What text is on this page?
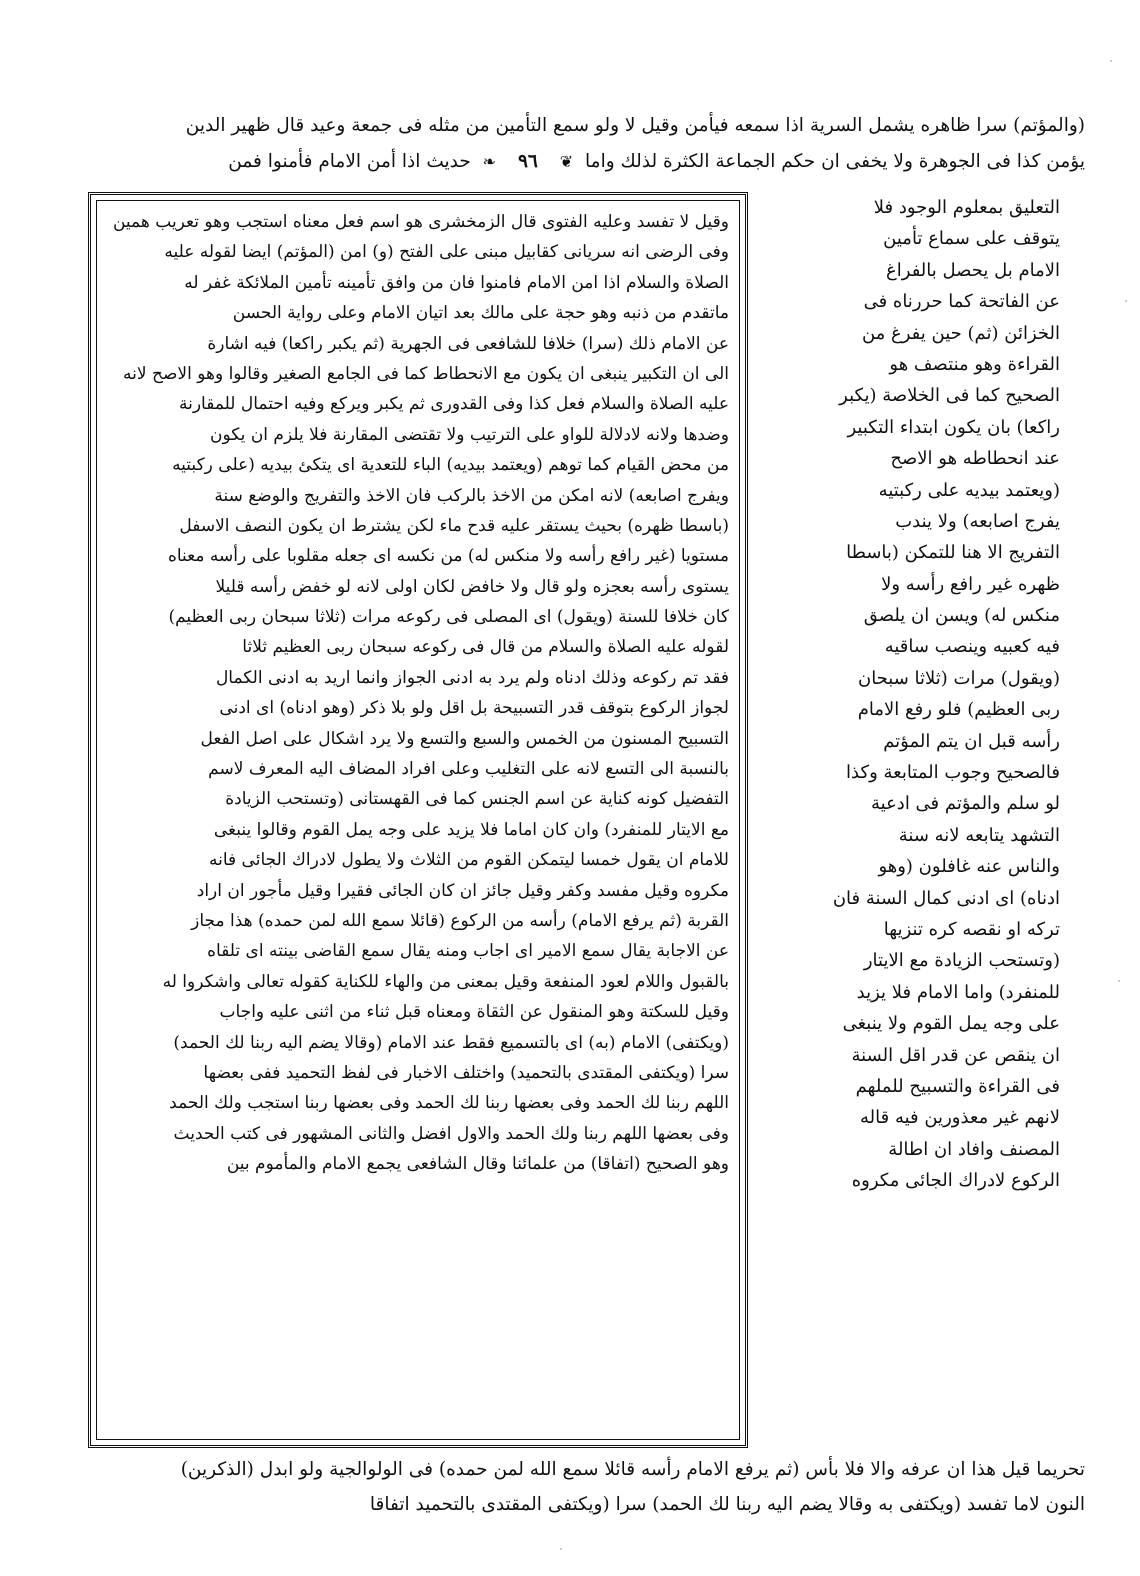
(والمؤتم) سرا ظاهره يشمل السرية اذا سمعه فيأمن وقيل لا ولو سمع التأمين من مثله فى جمعة وعيد قال ظهير الدين
يؤمن كذا فى الجوهرة ولا يخفى ان حكم الجماعة الكثرة لذلك واما ❦ ٩٦ ❧ حديث اذا أمن الامام فأمنوا فمن
وقيل لا تفسد وعليه الفتوى قال الزمخشرى هو اسم فعل معناه استجب وهو تعريب همين
وفى الرضى انه سريانى كقابيل مبنى على الفتح (و) امن (المؤتم) ايضا لقوله عليه
الصلاة والسلام اذا امن الامام فامنوا فان من وافق تأمينه تأمين الملائكة غفر له
ماتقدم من ذنبه وهو حجة على مالك بعد اتيان الامام وعلى رواية الحسن
عن الامام ذلك (سرا) خلافا للشافعى فى الجهرية (ثم يكبر راكعا) فيه اشارة
الى ان التكبير ينبغى ان يكون مع الانحطاط كما فى الجامع الصغير وقالوا وهو الاصح لانه
عليه الصلاة والسلام فعل كذا وفى القدورى ثم يكبر ويركع وفيه احتمال للمقارنة
وضدها ولانه لادلالة للواو على الترتيب ولا تقتضى المقارنة فلا يلزم ان يكون
من محض القيام كما توهم (ويعتمد بيديه) الباء للتعدية اى يتكئ بيديه (على ركبتيه
ويفرج اصابعه) لانه امكن من الاخذ بالركب فان الاخذ والتفريج والوضع سنة
(باسطا ظهره) بحيث يستقر عليه قدح ماء لكن يشترط ان يكون النصف الاسفل
مستويا (غير رافع رأسه ولا منكس له) من نكسه اى جعله مقلوبا على رأسه معناه
يستوى رأسه بعجزه ولو قال ولا خافض لكان اولى لانه لو خفض رأسه قليلا
كان خلافا للسنة (ويقول) اى المصلى فى ركوعه مرات (ثلاثا سبحان ربى العظيم)
لقوله عليه الصلاة والسلام من قال فى ركوعه سبحان ربى العظيم ثلاثا
فقد تم ركوعه وذلك ادناه ولم يرد به ادنى الجواز وانما اريد به ادنى الكمال
لجواز الركوع بتوقف قدر التسبيحة بل اقل ولو بلا ذكر (وهو ادناه) اى ادنى
التسبيح المسنون من الخمس والسبع والتسع ولا يرد اشكال على اصل الفعل
بالنسبة الى التسع لانه على التغليب وعلى افراد المضاف اليه المعرف لاسم
التفضيل كونه كناية عن اسم الجنس كما فى القهستانى (وتستحب الزيادة
مع الايتار للمنفرد) وان كان اماما فلا يزيد على وجه يمل القوم وقالوا ينبغى
للامام ان يقول خمسا ليتمكن القوم من الثلاث ولا يطول لادراك الجائى فانه
مكروه وقيل مفسد وكفر وقيل جائز ان كان الجائى فقيرا وقيل مأجور ان اراد
القربة (ثم يرفع الامام) رأسه من الركوع (قائلا سمع الله لمن حمده) هذا مجاز
عن الاجابة يقال سمع الامير اى اجاب ومنه يقال سمع القاضى بينته اى تلقاه
بالقبول واللام لعود المنفعة وقيل بمعنى من والهاء للكناية كقوله تعالى واشكروا له
وقيل للسكتة وهو المنقول عن الثقاة ومعناه قبل ثناء من اثنى عليه واجاب
(ويكتفى) الامام (به) اى بالتسميع فقط عند الامام (وقالا يضم اليه ربنا لك الحمد)
سرا (ويكتفى المقتدى بالتحميد) واختلف الاخبار فى لفظ التحميد ففى بعضها
اللهم ربنا لك الحمد وفى بعضها ربنا لك الحمد وفى بعضها ربنا استجب ولك الحمد
وفى بعضها اللهم ربنا ولك الحمد والاول افضل والثانى المشهور فى كتب الحديث
وهو الصحيح (اتفاقا) من علمائنا وقال الشافعى يجمع الامام والمأموم بين
التعليق بمعلوم الوجود فلا
يتوقف على سماع تأمين
الامام بل يحصل بالفراغ
عن الفاتحة كما حررناه فى
الخزائن (ثم) حين يفرغ من
القراءة وهو منتصف هو
الصحيح كما فى الخلاصة (يكبر
راكعا) بان يكون ابتداء التكبير
عند انحطاطه هو الاصح
(ويعتمد بيديه على ركبتيه
يفرج اصابعه) ولا يندب
التفريج الا هنا للتمكن (باسطا
ظهره غير رافع رأسه ولا
منكس له) ويسن ان يلصق
فيه كعبيه وينصب ساقيه
(ويقول) مرات (ثلاثا سبحان
ربى العظيم) فلو رفع الامام
رأسه قبل ان يتم المؤتم
فالصحيح وجوب المتابعة وكذا
لو سلم والمؤتم فى ادعية
التشهد يتابعه لانه سنة
والناس عنه غافلون (وهو
ادناه) اى ادنى كمال السنة فان
تركه او نقصه كره تنزيها
(وتستحب الزيادة مع الايتار
للمنفرد) واما الامام فلا يزيد
على وجه يمل القوم ولا ينبغى
ان ينقص عن قدر اقل السنة
فى القراءة والتسبيح للملهم
لانهم غير معذورين فيه قاله
المصنف وافاد ان اطالة
الركوع لادراك الجائى مكروه
تحريما قيل هذا ان عرفه والا فلا بأس (ثم يرفع الامام رأسه قائلا سمع الله لمن حمده) فى الولوالجية ولو ابدل (الذكرين)
النون لاما تفسد (ويكتفى به وقالا يضم اليه ربنا لك الحمد) سرا (ويكتفى المقتدى بالتحميد اتفاقا
